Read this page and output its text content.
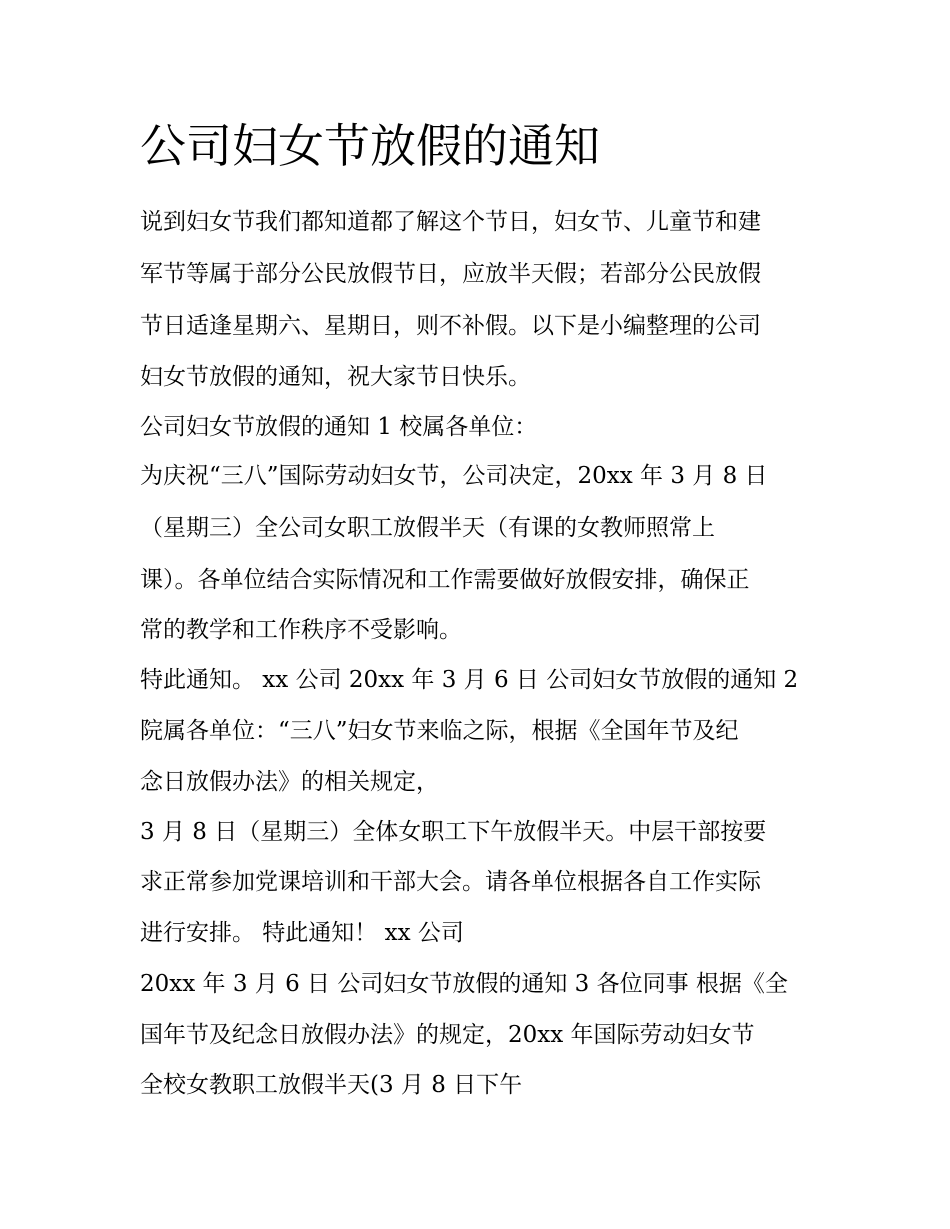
公司妇女节放假的通知

说到妇女节我们都知道都了解这个节日，妇女节、儿童节和建

军节等属于部分公民放假节日，应放半天假；若部分公民放假

节日适逢星期六、星期日，则不补假。以下是小编整理的公司

妇女节放假的通知，祝大家节日快乐。

公司妇女节放假的通知 1 校属各单位：

为庆祝“三八”国际劳动妇女节，公司决定，20xx 年 3 月 8 日

（星期三）全公司女职工放假半天（有课的女教师照常上

课）。各单位结合实际情况和工作需要做好放假安排，确保正

常的教学和工作秩序不受影响。

特此通知。 xx 公司 20xx 年 3 月 6 日 公司妇女节放假的通知 2

院属各单位：“三八”妇女节来临之际，根据《全国年节及纪

念日放假办法》的相关规定，

3 月 8 日（星期三）全体女职工下午放假半天。中层干部按要

求正常参加党课培训和干部大会。请各单位根据各自工作实际

进行安排。 特此通知！ xx 公司

20xx 年 3 月 6 日 公司妇女节放假的通知 3 各位同事 根据《全

国年节及纪念日放假办法》的规定，20xx 年国际劳动妇女节

全校女教职工放假半天(3 月 8 日下午
